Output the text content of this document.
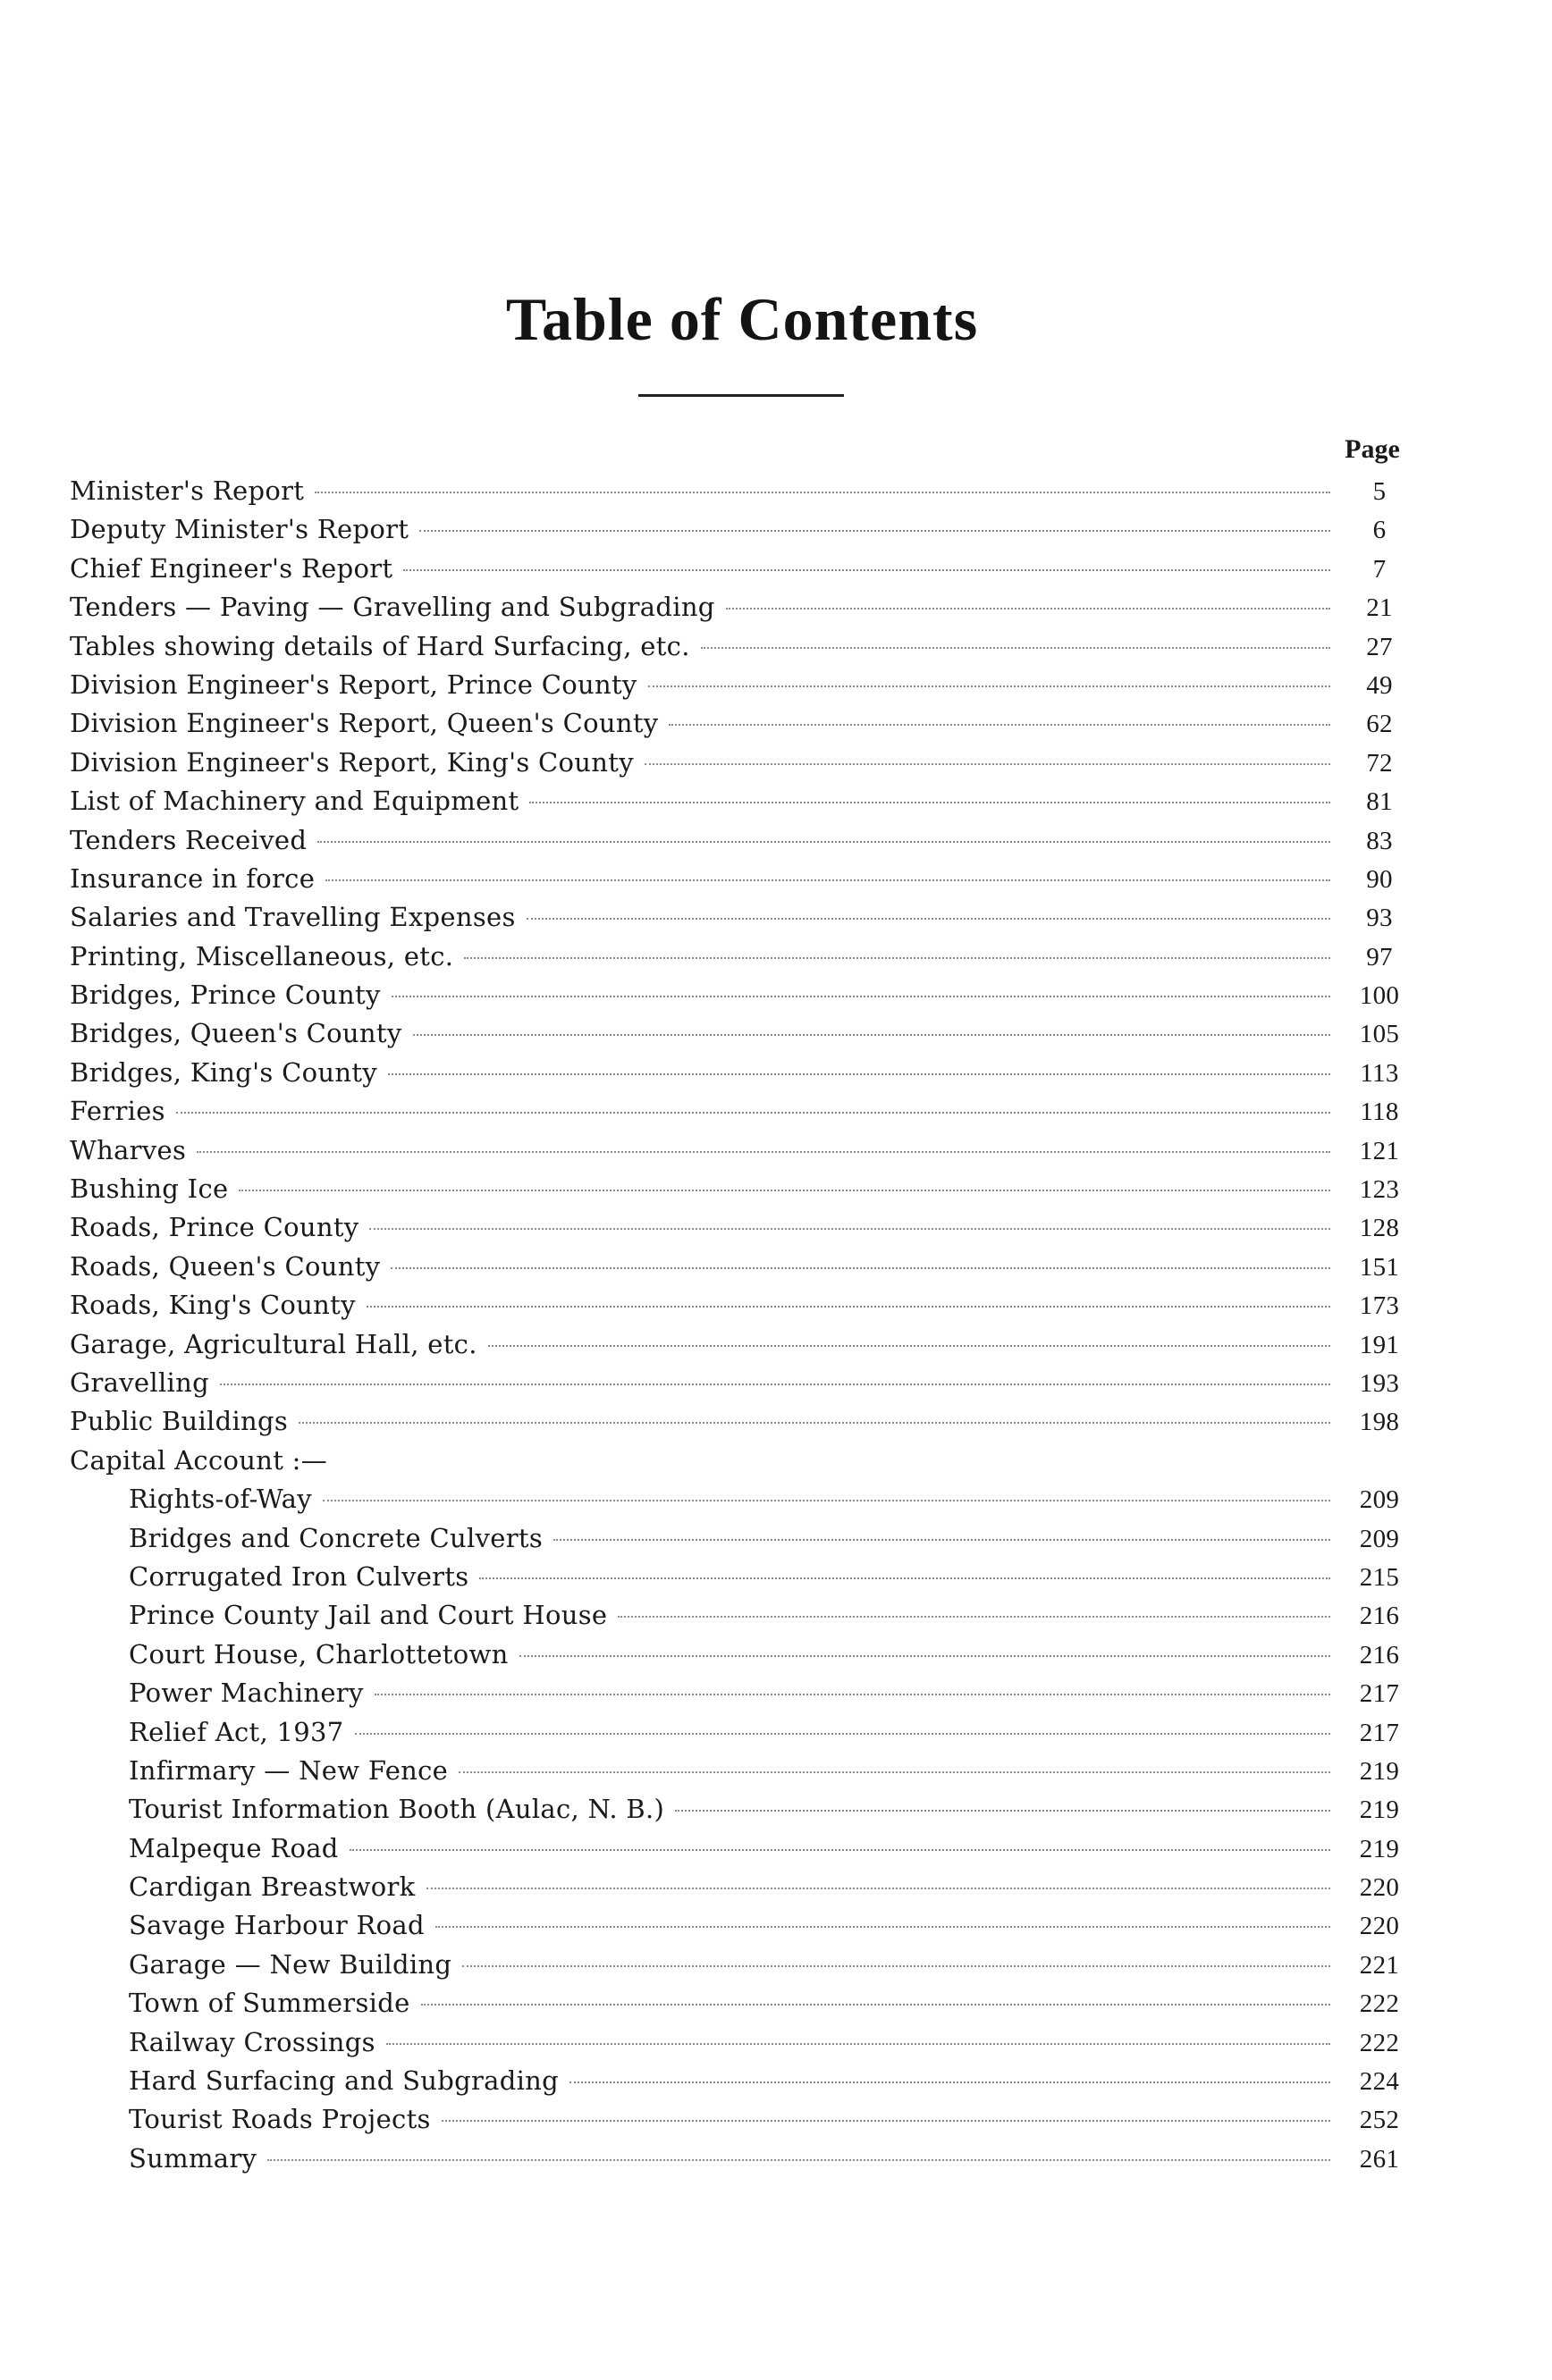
Table of Contents
Page
Minister's Report	5
Deputy Minister's Report	6
Chief Engineer's Report	7
Tenders — Paving — Gravelling and Subgrading	21
Tables showing details of Hard Surfacing, etc.	27
Division Engineer's Report, Prince County	49
Division Engineer's Report, Queen's County	62
Division Engineer's Report, King's County	72
List of Machinery and Equipment	81
Tenders Received	83
Insurance in force	90
Salaries and Travelling Expenses	93
Printing, Miscellaneous, etc.	97
Bridges, Prince County	100
Bridges, Queen's County	105
Bridges, King's County	113
Ferries	118
Wharves	121
Bushing Ice	123
Roads, Prince County	128
Roads, Queen's County	151
Roads, King's County	173
Garage, Agricultural Hall, etc.	191
Gravelling	193
Public Buildings	198
Capital Account :—
Rights-of-Way	209
Bridges and Concrete Culverts	209
Corrugated Iron Culverts	215
Prince County Jail and Court House	216
Court House, Charlottetown	216
Power Machinery	217
Relief Act, 1937	217
Infirmary — New Fence	219
Tourist Information Booth (Aulac, N. B.)	219
Malpeque Road	219
Cardigan Breastwork	220
Savage Harbour Road	220
Garage — New Building	221
Town of Summerside	222
Railway Crossings	222
Hard Surfacing and Subgrading	224
Tourist Roads Projects	252
Summary	261
